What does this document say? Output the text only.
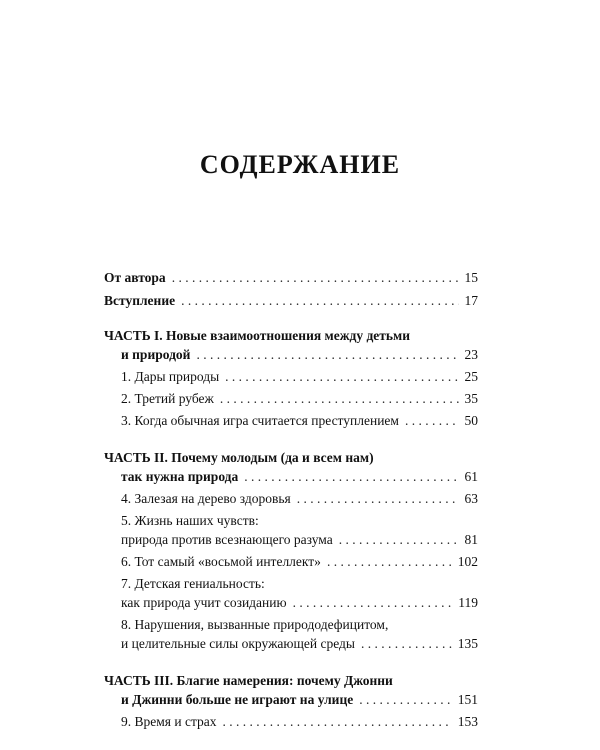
СОДЕРЖАНИЕ
От автора . . .	15
Вступление . . .	17
ЧАСТЬ I. Новые взаимоотношения между детьми
и природой . . .	23
1. Дары природы . . .	25
2. Третий рубеж . . .	35
3. Когда обычная игра считается преступлением . . .	50
ЧАСТЬ II. Почему молодым (да и всем нам)
так нужна природа . . .	61
4. Залезая на дерево здоровья . . .	63
5. Жизнь наших чувств:
природа против всезнающего разума . . .	81
6. Тот самый «восьмой интеллект» . . .	102
7. Детская гениальность:
как природа учит созиданию . . .	119
8. Нарушения, вызванные природодефицитом,
и целительные силы окружающей среды . . .	135
ЧАСТЬ III. Благие намерения: почему Джонни
и Джинни больше не играют на улице . . .	151
9. Время и страх . . .	153
